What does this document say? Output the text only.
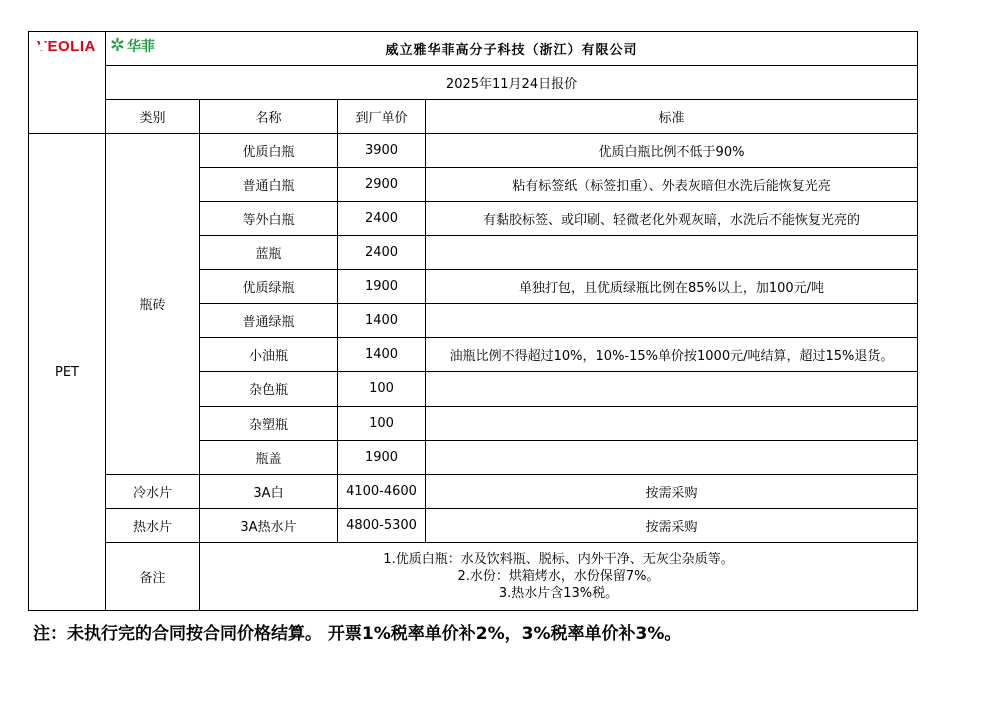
VEOLIA ✲ 华菲	威立雅华菲高分子科技（浙江）有限公司			
	2025年11月24日报价			
	类别	名称	到厂单价	标准
PET	瓶砖	优质白瓶	3900	优质白瓶比例不低于90%
		普通白瓶	2900	粘有标签纸（标签扣重）、外表灰暗但水洗后能恢复光亮
		等外白瓶	2400	有黏胶标签、或印刷、轻微老化外观灰暗，水洗后不能恢复光亮的
		蓝瓶	2400	
		优质绿瓶	1900	单独打包，且优质绿瓶比例在85%以上，加100元/吨
		普通绿瓶	1400	
		小油瓶	1400	油瓶比例不得超过10%，10%-15%单价按1000元/吨结算，超过15%退货。
		杂色瓶	100	
		杂塑瓶	100	
		瓶盖	1900	
	冷水片	3A白	4100-4600	按需采购
	热水片	3A热水片	4800-5300	按需采购
	备注	1.优质白瓶：水及饮料瓶、脱标、内外干净、无灰尘杂质等。
2.水份：烘箱烤水，水份保留7%。
3.热水片含13%税。		
注：未执行完的合同按合同价格结算。 开票1%税率单价补2%，3%税率单价补3%。
